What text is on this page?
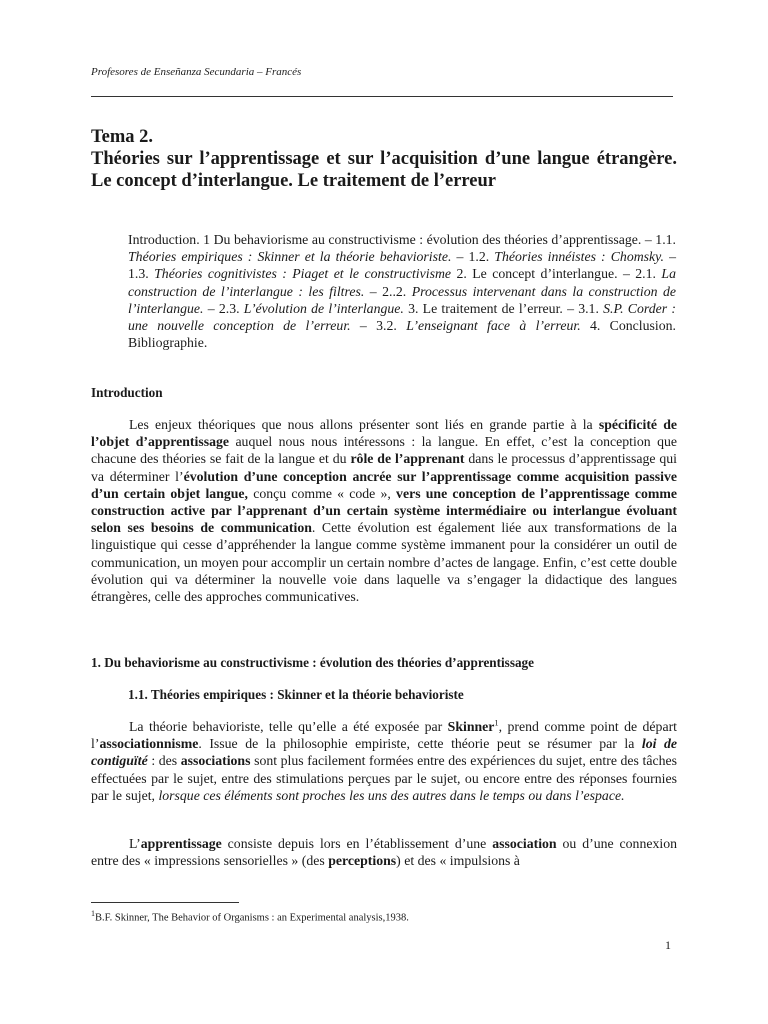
Profesores de Enseñanza Secundaria – Francés
Tema 2.
Théories sur l’apprentissage et sur l’acquisition d’une langue étrangère. Le concept d’interlangue. Le traitement de l’erreur
Introduction. 1 Du behaviorisme au constructivisme : évolution des théories d’apprentissage. – 1.1. Théories empiriques : Skinner et la théorie behavioriste. – 1.2. Théories innéistes : Chomsky. – 1.3. Théories cognitivistes : Piaget et le constructivisme 2. Le concept d’interlangue. – 2.1. La construction de l’interlangue : les filtres. – 2..2. Processus intervenant dans la construction de l’interlangue. – 2.3. L’évolution de l’interlangue. 3. Le traitement de l’erreur. – 3.1. S.P. Corder : une nouvelle conception de l’erreur. – 3.2. L’enseignant face à l’erreur. 4. Conclusion. Bibliographie.
Introduction
Les enjeux théoriques que nous allons présenter sont liés en grande partie à la spécificité de l’objet d’apprentissage auquel nous nous intéressons : la langue. En effet, c’est la conception que chacune des théories se fait de la langue et du rôle de l’apprenant dans le processus d’apprentissage qui va déterminer l’évolution d’une conception ancrée sur l’apprentissage comme acquisition passive d’un certain objet langue, conçu comme « code », vers une conception de l’apprentissage comme construction active par l’apprenant d’un certain système intermédiaire ou interlangue évoluant selon ses besoins de communication. Cette évolution est également liée aux transformations de la linguistique qui cesse d’appréhender la langue comme système immanent pour la considérer un outil de communication, un moyen pour accomplir un certain nombre d’actes de langage. Enfin, c’est cette double évolution qui va déterminer la nouvelle voie dans laquelle va s’engager la didactique des langues étrangères, celle des approches communicatives.
1. Du behaviorisme au constructivisme : évolution des théories d’apprentissage
1.1. Théories empiriques : Skinner et la théorie behavioriste
La théorie behavioriste, telle qu’elle a été exposée par Skinner$^1$, prend comme point de départ l’associationnisme. Issue de la philosophie empiriste, cette théorie peut se résumer par la loi de contiguïté : des associations sont plus facilement formées entre des expériences du sujet, entre des tâches effectuées par le sujet, entre des stimulations perçues par le sujet, ou encore entre des réponses fournies par le sujet, lorsque ces éléments sont proches les uns des autres dans le temps ou dans l’espace.
L’apprentissage consiste depuis lors en l’établissement d’une association ou d’une connexion entre des « impressions sensorielles » (des perceptions) et des « impulsions à
$^1$B.F. Skinner, The Behavior of Organisms : an Experimental analysis,1938.
1
